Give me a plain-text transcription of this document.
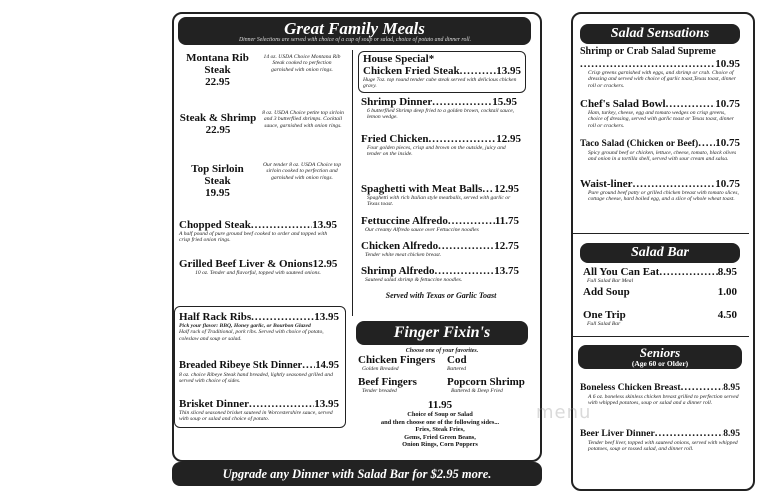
Great Family Meals
Dinner Selections are served with choice of a cup of soup or salad, choice of potato and dinner roll.
Montana Rib
Steak
22.95
14 oz. USDA Choice Montana Rib Steak cooked to perfection garnished with onion rings.
Steak & Shrimp
22.95
8 oz. USDA Choice petite top sirloin and 3 butterflied shrimps. Cocktail sauce, garnished with onion rings.
Top Sirloin
Steak
19.95
Our tender 8 oz. USDA Choice top sirloin cooked to perfection and garnished with onion rings.
Chopped Steak .....	13.95
A half pound of pure ground beef cooked to order and topped with crisp fried onion rings.
Grilled Beef Liver & Onions 12.95
10 oz. Tender and flavorful, topped with sauteed onions.
Half Rack Ribs .....	13.95
Pick your flavor: BBQ, Honey garlic, or Bourbon Glazed
Half rack of Traditional, pork ribs. Served with choice of potato, coleslaw and soup or salad.
Breaded Ribeye Stk Dinner ..... 14.95
8 oz. choice Ribeye Steak hand breaded, lightly seasoned grilled and served with choice of sides.
Brisket Dinner .....	13.95
Thin sliced seasoned brisket sauteed in Worcestershire sauce, served with soup or salad and choice of potato.
House Special*
Chicken Fried Steak .....	13.95
Huge 7oz. top round tender cube steak served with delicious chicken gravy.
Shrimp Dinner .....	15.95
6 butterflied Shrimp deep fried to a golden brown, cocktail sauce, lemon wedge.
Fried Chicken .....	12.95
Four golden pieces, crisp and brown on the outside, juicy and tender on the inside.
Spaghetti with Meat Balls ..... 12.95
Spaghetti with rich Italian style meatballs, served with garlic or Texas toast.
Fettuccine Alfredo .....	11.75
Our creamy Alfredo sauce over Fettuccine noodles
Chicken Alfredo .....	12.75
Tender white meat chicken breast.
Shrimp Alfredo .....	13.75
Sauteed salad shrimp & fettuccine noodles.
Served with Texas or Garlic Toast
Finger Fixin's
Choose one of your favorites.
Chicken Fingers
Golden Breaded
Cod
Battered
Beef Fingers
Tender breaded
Popcorn Shrimp
Battered & Deep Fried
11.95
Choice of Soup or Salad
and then choose one of the following sides...
Fries, Steak Fries,
Gems, Fried Green Beans,
Onion Rings, Corn Poppers
Upgrade any Dinner with Salad Bar for $2.95 more.
Salad Sensations
Shrimp or Crab Salad Supreme
.....
10.95
Crisp greens garnished with eggs, and shrimp or crab. Choice of dressing and served with choice of garlic toast,Texas toast, dinner roll or crackers.
Chef's Salad Bowl .....	10.75
Ham, turkey, cheese, egg and tomato wedges on crisp greens, choice of dressing, served with garlic toast or Texas toast, dinner roll or crackers.
Taco Salad (Chicken or Beef) ..... 10.75
Spicy ground beef or chicken, lettuce, cheese, tomato, black olives and onion in a tortilla shell, served with sour cream and salsa.
Waist-liner .....	10.75
Pure ground beef patty or grilled chicken breast with tomato slices, cottage cheese, hard boiled egg, and a slice of whole wheat toast.
Salad Bar
All You Can Eat .....	8.95
Full Salad Bar Meal
Add Soup	1.00
One Trip	4.50
Full Salad Bar
Seniors
(Age 60 or Older)
Boneless Chicken Breast .....	8.95
A 6 oz. boneless skinless chicken breast grilled to perfection served with whipped potatoes, soup or salad and a dinner roll.
Beer Liver Dinner .....	8.95
Tender beef liver, topped with sauteed onions, served with whipped potatoes, soup or tossed salad, and dinner roll.
menu
